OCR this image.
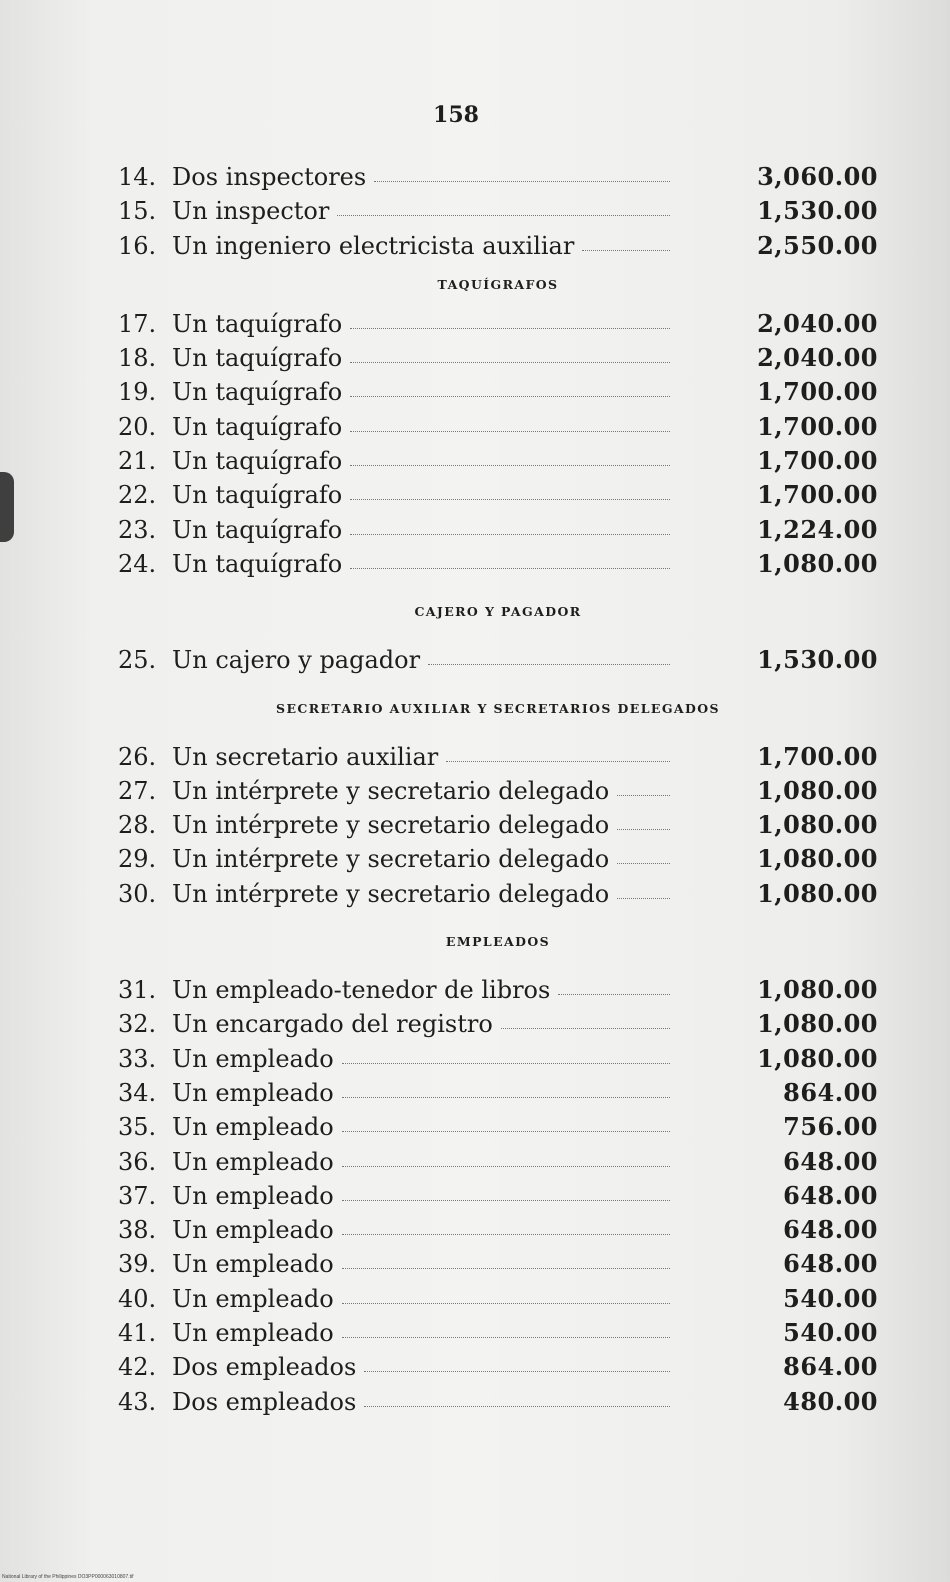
158
14. Dos inspectores	3,060.00
15. Un inspector	1,530.00
16. Un ingeniero electricista auxiliar	2,550.00
TAQUÍGRAFOS
17. Un taquígrafo	2,040.00
18. Un taquígrafo	2,040.00
19. Un taquígrafo	1,700.00
20. Un taquígrafo	1,700.00
21. Un taquígrafo	1,700.00
22. Un taquígrafo	1,700.00
23. Un taquígrafo	1,224.00
24. Un taquígrafo	1,080.00
CAJERO Y PAGADOR
25. Un cajero y pagador	1,530.00
SECRETARIO AUXILIAR Y SECRETARIOS DELEGADOS
26. Un secretario auxiliar	1,700.00
27. Un intérprete y secretario delegado	1,080.00
28. Un intérprete y secretario delegado	1,080.00
29. Un intérprete y secretario delegado	1,080.00
30. Un intérprete y secretario delegado	1,080.00
EMPLEADOS
31. Un empleado-tenedor de libros	1,080.00
32. Un encargado del registro	1,080.00
33. Un empleado	1,080.00
34. Un empleado	864.00
35. Un empleado	756.00
36. Un empleado	648.00
37. Un empleado	648.00
38. Un empleado	648.00
39. Un empleado	648.00
40. Un empleado	540.00
41. Un empleado	540.00
42. Dos empleados	864.00
43. Dos empleados	480.00
National Library of the Philippines DO3PP000063010807.tif
